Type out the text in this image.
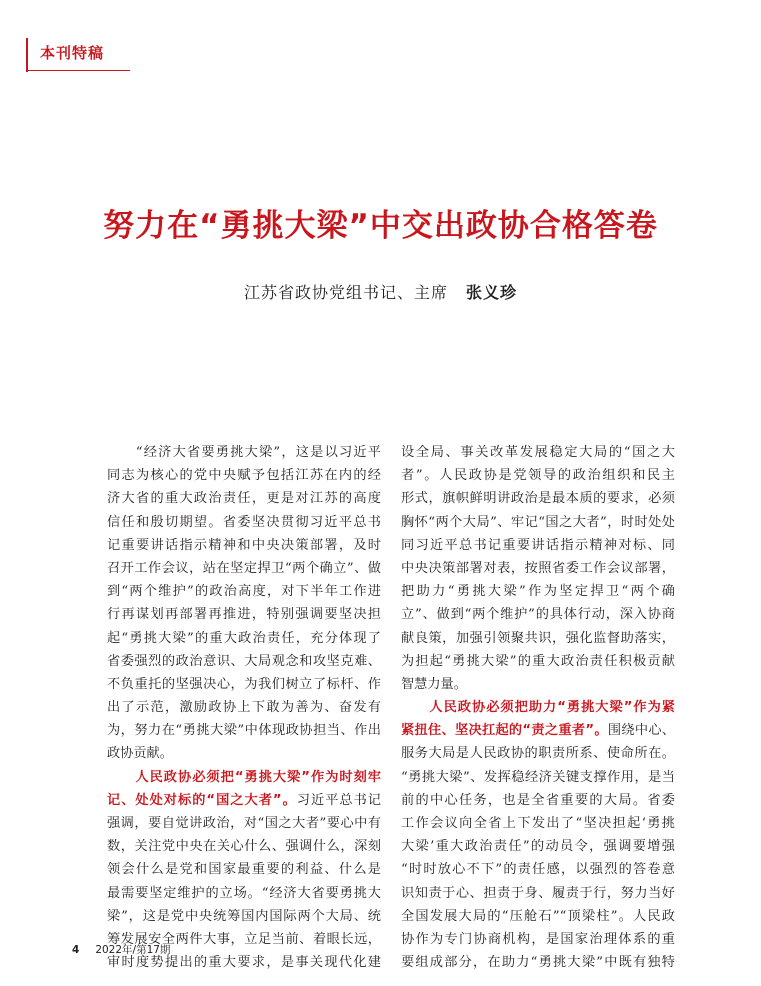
本刊特稿
努力在“勇挑大梁”中交出政协合格答卷
江苏省政协党组书记、主席 张义珍
　　“经济大省要勇挑大梁”，这是以习近平
同志为核心的党中央赋予包括江苏在内的经
济大省的重大政治责任，更是对江苏的高度
信任和殷切期望。省委坚决贯彻习近平总书
记重要讲话指示精神和中央决策部署，及时
召开工作会议，站在坚定捍卫“两个确立”、做
到“两个维护”的政治高度，对下半年工作进
行再谋划再部署再推进，特别强调要坚决担
起“勇挑大梁”的重大政治责任，充分体现了
省委强烈的政治意识、大局观念和攻坚克难、
不负重托的坚强决心，为我们树立了标杆、作
出了示范，激励政协上下敢为善为、奋发有
为，努力在“勇挑大梁”中体现政协担当、作出
政协贡献。
　　人民政协必须把“勇挑大梁”作为时刻牢
记、处处对标的“国之大者”。习近平总书记
强调，要自觉讲政治，对“国之大者”要心中有
数，关注党中央在关心什么、强调什么，深刻
领会什么是党和国家最重要的利益、什么是
最需要坚定维护的立场。“经济大省要勇挑大
梁”，这是党中央统筹国内国际两个大局、统
筹发展安全两件大事，立足当前、着眼长远，
审时度势提出的重大要求，是事关现代化建
设全局、事关改革发展稳定大局的“国之大
者”。人民政协是党领导的政治组织和民主
形式，旗帜鲜明讲政治是最本质的要求，必须
胸怀“两个大局”、牢记“国之大者”，时时处处
同习近平总书记重要讲话指示精神对标、同
中央决策部署对表，按照省委工作会议部署，
把助力“勇挑大梁”作为坚定捍卫“两个确
立”、做到“两个维护”的具体行动，深入协商
献良策，加强引领聚共识，强化监督助落实，
为担起“勇挑大梁”的重大政治责任积极贡献
智慧力量。
　　人民政协必须把助力“勇挑大梁”作为紧
紧扭住、坚决扛起的“责之重者”。围绕中心、
服务大局是人民政协的职责所系、使命所在。
“勇挑大梁”、发挥稳经济关键支撑作用，是当
前的中心任务，也是全省重要的大局。省委
工作会议向全省上下发出了“坚决担起‘勇挑
大梁’重大政治责任”的动员令，强调要增强
“时时放心不下”的责任感，以强烈的答卷意
识知责于心、担责于身、履责于行，努力当好
全国发展大局的“压舱石”“顶梁柱”。人民政
协作为专门协商机构，是国家治理体系的重
要组成部分，在助力“勇挑大梁”中既有独特
4 2022年/第17期
